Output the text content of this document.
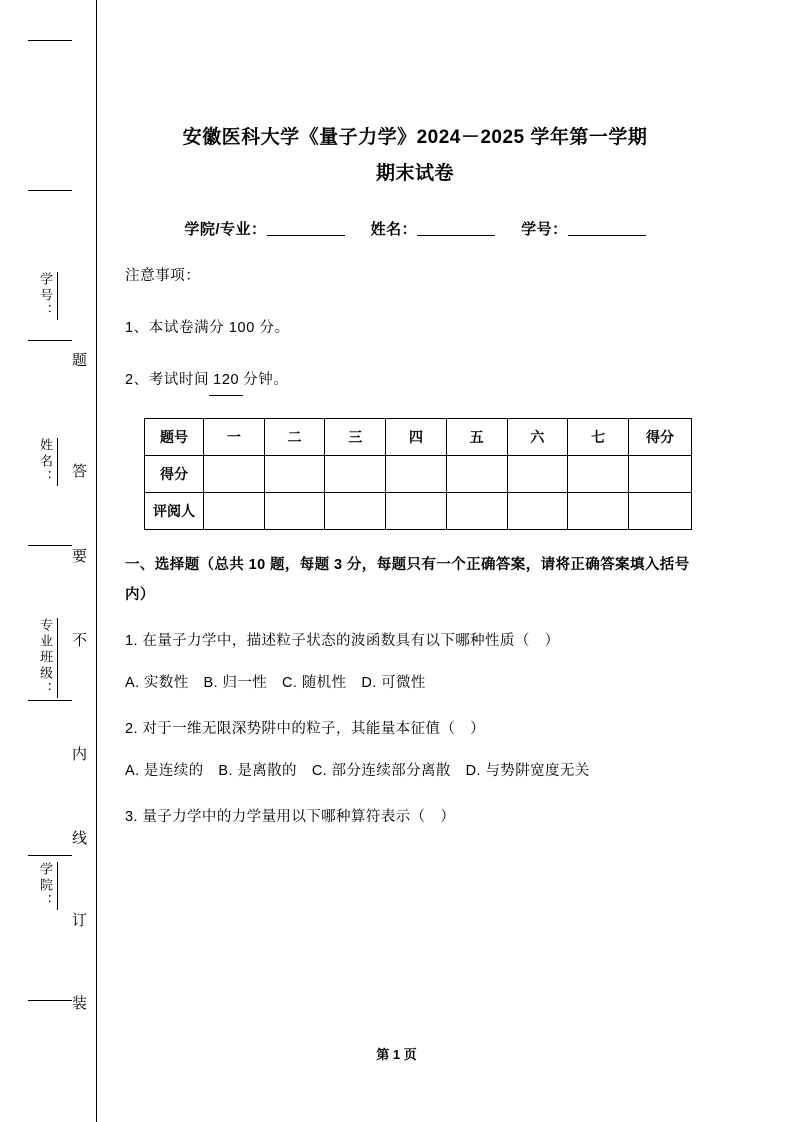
学号：
姓名：
专业班级：
学院：
题
答
要
不
内
线
订
装
安徽医科大学《量子力学》2024－2025 学年第一学期
期末试卷
学院/专业：	姓名：	学号：
注意事项：
1、本试卷满分 100 分。
2、考试时间 120 分钟。
题号	一	二	三	四	五	六	七	得分
得分								
评阅人								
一、选择题（总共 10 题，每题 3 分，每题只有一个正确答案，请将正确答案填入括号内）
1. 在量子力学中，描述粒子状态的波函数具有以下哪种性质（　）
A. 实数性　B. 归一性　C. 随机性　D. 可微性
2. 对于一维无限深势阱中的粒子，其能量本征值（　）
A. 是连续的　B. 是离散的　C. 部分连续部分离散　D. 与势阱宽度无关
3. 量子力学中的力学量用以下哪种算符表示（　）
第 1 页
